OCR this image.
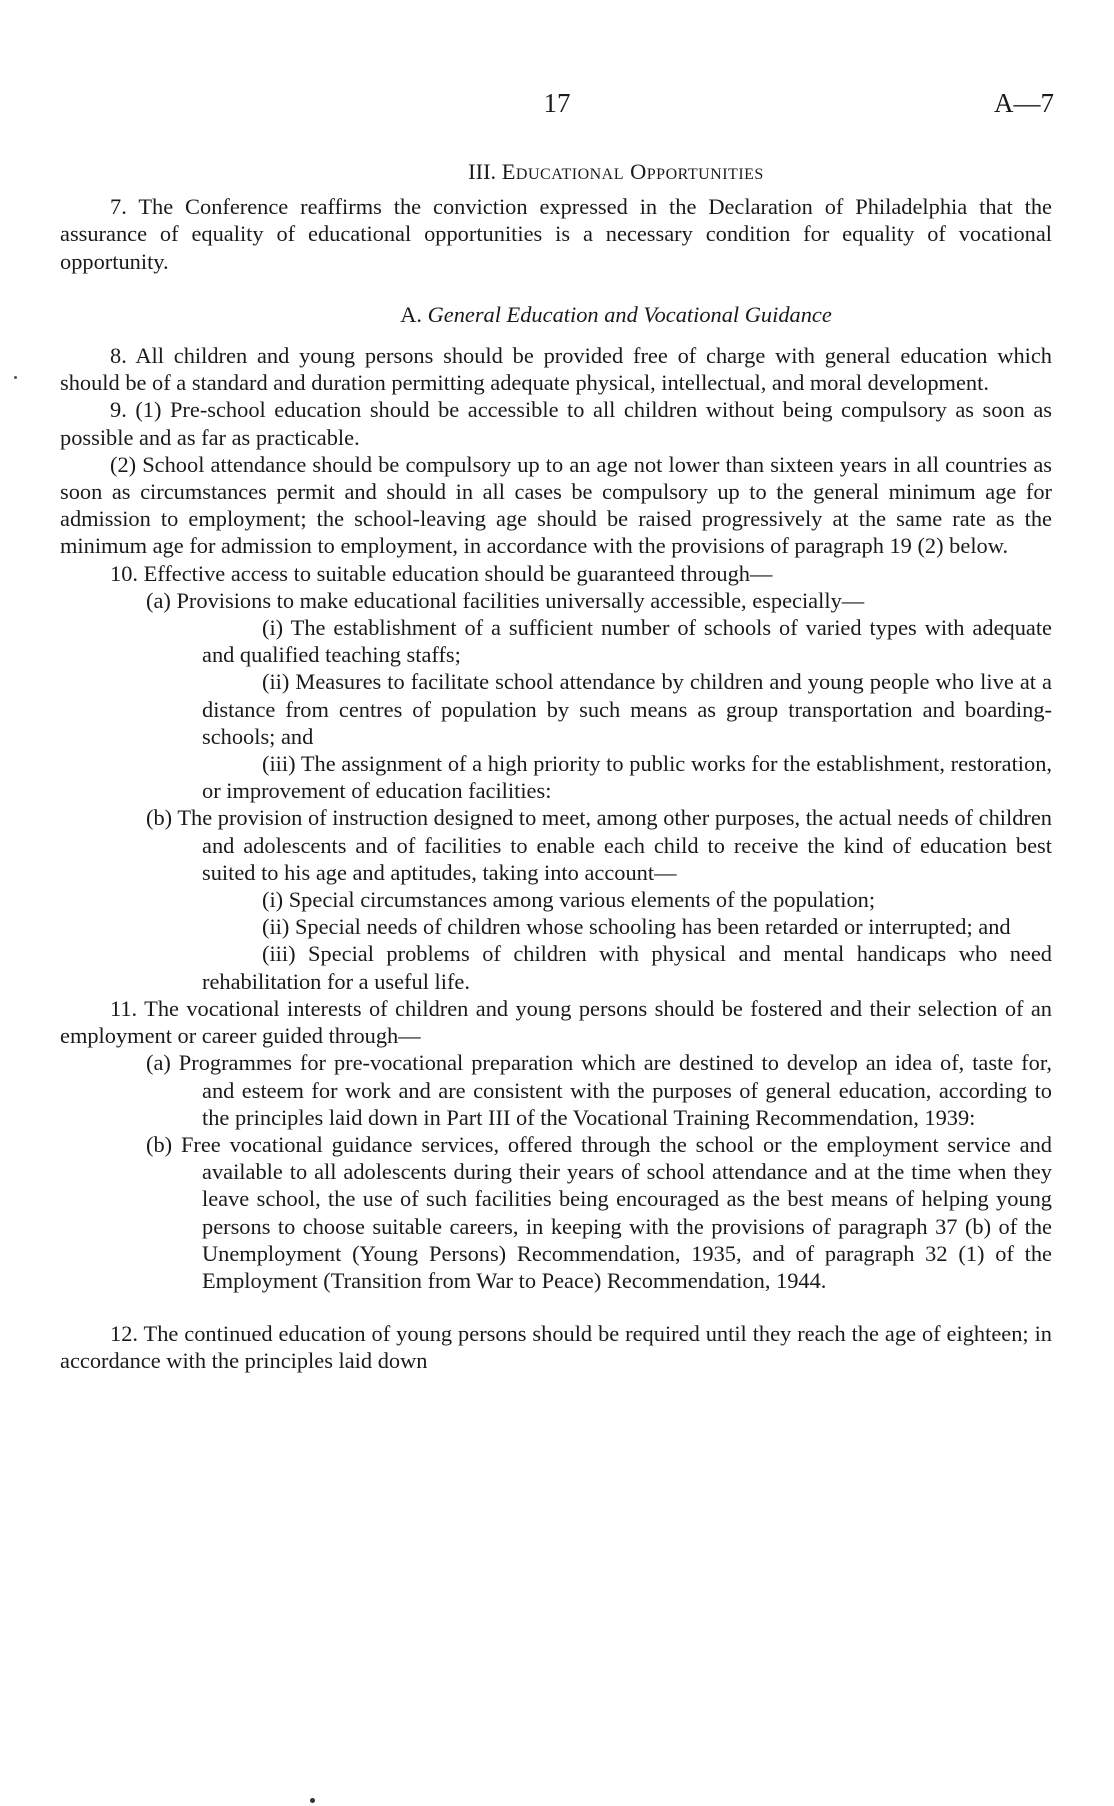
17	A—7
III. Educational Opportunities

7. The Conference reaffirms the conviction expressed in the Declaration of Philadelphia that the assurance of equality of educational opportunities is a necessary condition for equality of vocational opportunity.

A. General Education and Vocational Guidance

8. All children and young persons should be provided free of charge with general education which should be of a standard and duration permitting adequate physical, intellectual, and moral development.

9. (1) Pre-school education should be accessible to all children without being compulsory as soon as possible and as far as practicable.

(2) School attendance should be compulsory up to an age not lower than sixteen years in all countries as soon as circumstances permit and should in all cases be compulsory up to the general minimum age for admission to employment; the school-leaving age should be raised progressively at the same rate as the minimum age for admission to employment, in accordance with the provisions of paragraph 19 (2) below.

10. Effective access to suitable education should be guaranteed through—

(a) Provisions to make educational facilities universally accessible, especially—

(i) The establishment of a sufficient number of schools of varied types with adequate and qualified teaching staffs;

(ii) Measures to facilitate school attendance by children and young people who live at a distance from centres of population by such means as group transportation and boarding-schools; and

(iii) The assignment of a high priority to public works for the establishment, restoration, or improvement of education facilities:

(b) The provision of instruction designed to meet, among other purposes, the actual needs of children and adolescents and of facilities to enable each child to receive the kind of education best suited to his age and aptitudes, taking into account—

(i) Special circumstances among various elements of the population;

(ii) Special needs of children whose schooling has been retarded or interrupted; and

(iii) Special problems of children with physical and mental handicaps who need rehabilitation for a useful life.

11. The vocational interests of children and young persons should be fostered and their selection of an employment or career guided through—

(a) Programmes for pre-vocational preparation which are destined to develop an idea of, taste for, and esteem for work and are consistent with the purposes of general education, according to the principles laid down in Part III of the Vocational Training Recommendation, 1939:

(b) Free vocational guidance services, offered through the school or the employment service and available to all adolescents during their years of school attendance and at the time when they leave school, the use of such facilities being encouraged as the best means of helping young persons to choose suitable careers, in keeping with the provisions of paragraph 37 (b) of the Unemployment (Young Persons) Recommendation, 1935, and of paragraph 32 (1) of the Employment (Transition from War to Peace) Recommendation, 1944.

12. The continued education of young persons should be required until they reach the age of eighteen; in accordance with the principles laid down
